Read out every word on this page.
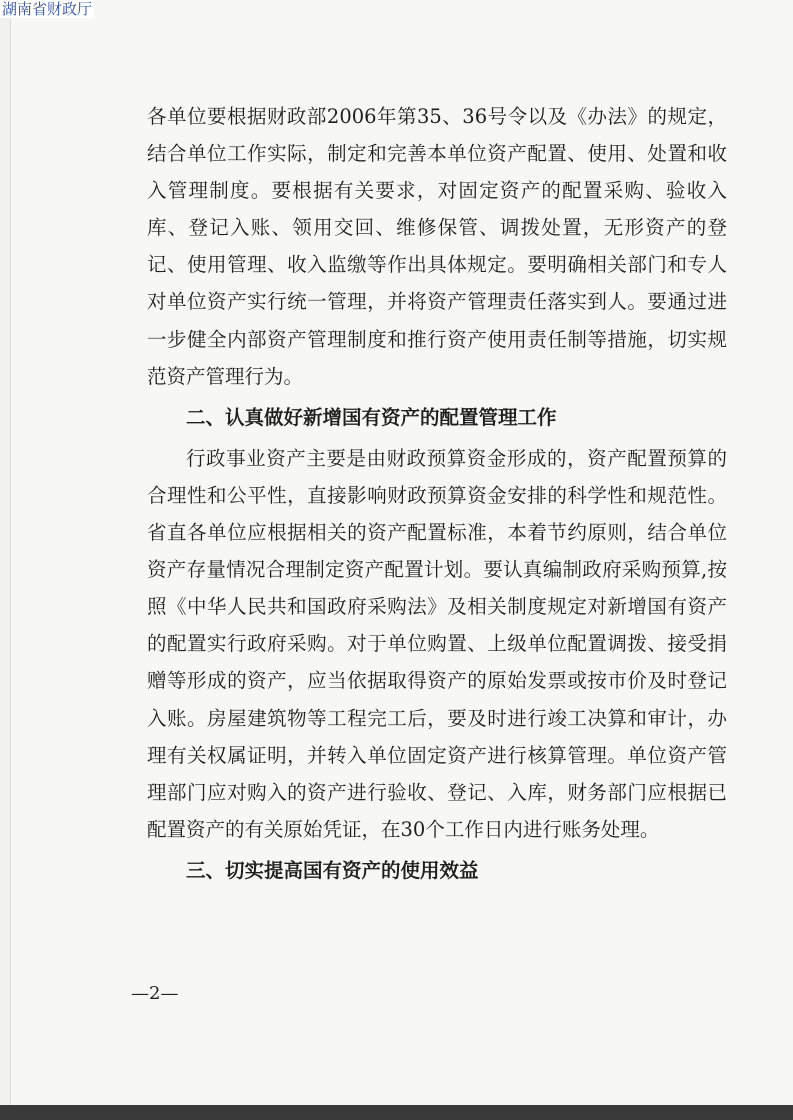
各单位要根据财政部2006年第35、36号令以及《办法》的规定，结合单位工作实际，制定和完善本单位资产配置、使用、处置和收入管理制度。要根据有关要求，对固定资产的配置采购、验收入库、登记入账、领用交回、维修保管、调拨处置，无形资产的登记、使用管理、收入监缴等作出具体规定。要明确相关部门和专人对单位资产实行统一管理，并将资产管理责任落实到人。要通过进一步健全内部资产管理制度和推行资产使用责任制等措施，切实规范资产管理行为。

二、认真做好新增国有资产的配置管理工作

行政事业资产主要是由财政预算资金形成的，资产配置预算的合理性和公平性，直接影响财政预算资金安排的科学性和规范性。省直各单位应根据相关的资产配置标准，本着节约原则，结合单位资产存量情况合理制定资产配置计划。要认真编制政府采购预算,按照《中华人民共和国政府采购法》及相关制度规定对新增国有资产的配置实行政府采购。对于单位购置、上级单位配置调拨、接受捐赠等形成的资产，应当依据取得资产的原始发票或按市价及时登记入账。房屋建筑物等工程完工后，要及时进行竣工决算和审计，办理有关权属证明，并转入单位固定资产进行核算管理。单位资产管理部门应对购入的资产进行验收、登记、入库，财务部门应根据已配置资产的有关原始凭证，在30个工作日内进行账务处理。

三、切实提高国有资产的使用效益

—2—
湖南省财政厅
